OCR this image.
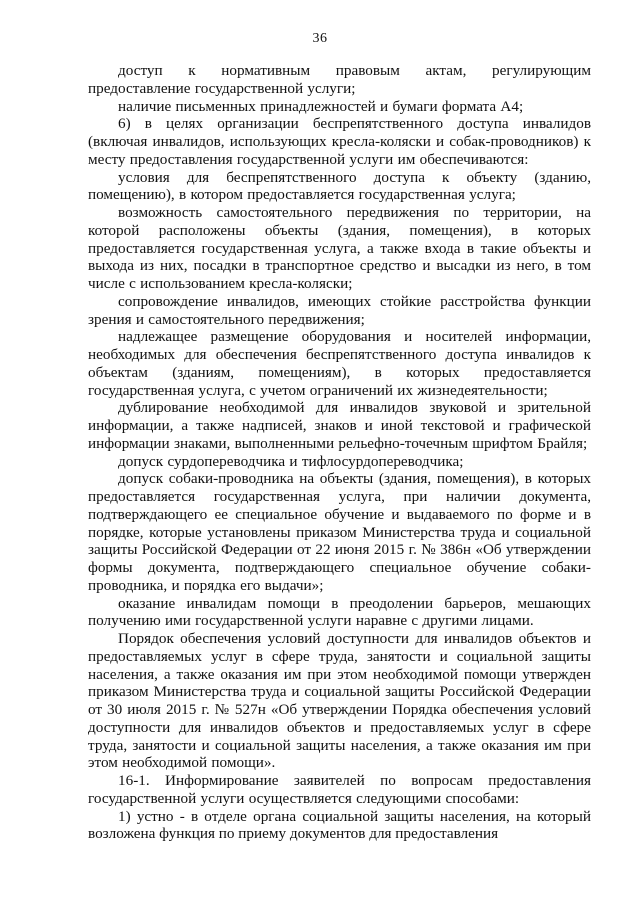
36

доступ к нормативным правовым актам, регулирующим предоставление государственной услуги;

наличие письменных принадлежностей и бумаги формата А4;

6) в целях организации беспрепятственного доступа инвалидов (включая инвалидов, использующих кресла-коляски и собак-проводников) к месту предоставления государственной услуги им обеспечиваются:

условия для беспрепятственного доступа к объекту (зданию, помещению), в котором предоставляется государственная услуга;

возможность самостоятельного передвижения по территории, на которой расположены объекты (здания, помещения), в которых предоставляется государственная услуга, а также входа в такие объекты и выхода из них, посадки в транспортное средство и высадки из него, в том числе с использованием кресла-коляски;

сопровождение инвалидов, имеющих стойкие расстройства функции зрения и самостоятельного передвижения;

надлежащее размещение оборудования и носителей информации, необходимых для обеспечения беспрепятственного доступа инвалидов к объектам (зданиям, помещениям), в которых предоставляется государственная услуга, с учетом ограничений их жизнедеятельности;

дублирование необходимой для инвалидов звуковой и зрительной информации, а также надписей, знаков и иной текстовой и графической информации знаками, выполненными рельефно-точечным шрифтом Брайля;

допуск сурдопереводчика и тифлосурдопереводчика;

допуск собаки-проводника на объекты (здания, помещения), в которых предоставляется государственная услуга, при наличии документа, подтверждающего ее специальное обучение и выдаваемого по форме и в порядке, которые установлены приказом Министерства труда и социальной защиты Российской Федерации от 22 июня 2015 г. № 386н «Об утверждении формы документа, подтверждающего специальное обучение собаки-проводника, и порядка его выдачи»;

оказание инвалидам помощи в преодолении барьеров, мешающих получению ими государственной услуги наравне с другими лицами.

Порядок обеспечения условий доступности для инвалидов объектов и предоставляемых услуг в сфере труда, занятости и социальной защиты населения, а также оказания им при этом необходимой помощи утвержден приказом Министерства труда и социальной защиты Российской Федерации от 30 июля 2015 г. № 527н «Об утверждении Порядка обеспечения условий доступности для инвалидов объектов и предоставляемых услуг в сфере труда, занятости и социальной защиты населения, а также оказания им при этом необходимой помощи».

16-1. Информирование заявителей по вопросам предоставления государственной услуги осуществляется следующими способами:

1) устно - в отделе органа социальной защиты населения, на который возложена функция по приему документов для предоставления
